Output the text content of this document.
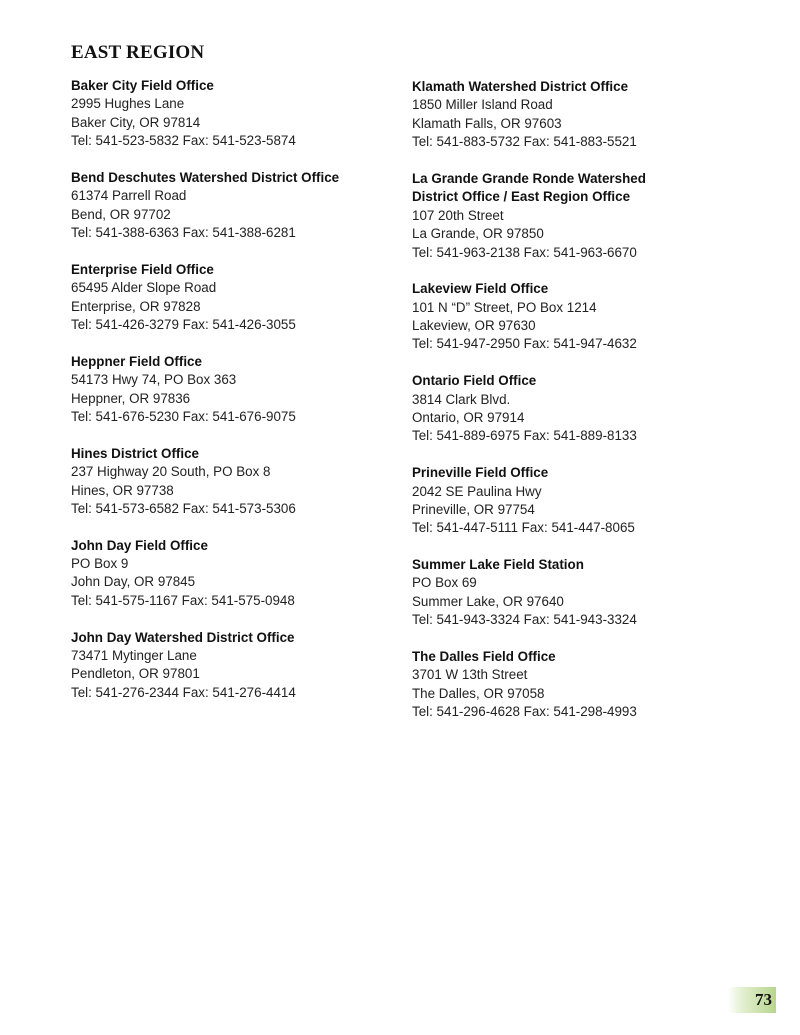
EAST REGION
Baker City Field Office
2995 Hughes Lane
Baker City, OR 97814
Tel: 541-523-5832 Fax: 541-523-5874
Bend Deschutes Watershed District Office
61374 Parrell Road
Bend, OR 97702
Tel: 541-388-6363 Fax: 541-388-6281
Enterprise Field Office
65495 Alder Slope Road
Enterprise, OR 97828
Tel: 541-426-3279 Fax: 541-426-3055
Heppner Field Office
54173 Hwy 74, PO Box 363
Heppner, OR 97836
Tel: 541-676-5230 Fax: 541-676-9075
Hines District Office
237 Highway 20 South, PO Box 8
Hines, OR 97738
Tel: 541-573-6582 Fax: 541-573-5306
John Day Field Office
PO Box 9
John Day, OR 97845
Tel: 541-575-1167 Fax: 541-575-0948
John Day Watershed District Office
73471 Mytinger Lane
Pendleton, OR 97801
Tel: 541-276-2344 Fax: 541-276-4414
Klamath Watershed District Office
1850 Miller Island Road
Klamath Falls, OR 97603
Tel: 541-883-5732 Fax: 541-883-5521
La Grande Grande Ronde Watershed
District Office / East Region Office
107 20th Street
La Grande, OR 97850
Tel: 541-963-2138 Fax: 541-963-6670
Lakeview Field Office
101 N “D” Street, PO Box 1214
Lakeview, OR 97630
Tel: 541-947-2950 Fax: 541-947-4632
Ontario Field Office
3814 Clark Blvd.
Ontario, OR 97914
Tel: 541-889-6975 Fax: 541-889-8133
Prineville Field Office
2042 SE Paulina Hwy
Prineville, OR 97754
Tel: 541-447-5111 Fax: 541-447-8065
Summer Lake Field Station
PO Box 69
Summer Lake, OR 97640
Tel: 541-943-3324 Fax: 541-943-3324
The Dalles Field Office
3701 W 13th Street
The Dalles, OR 97058
Tel: 541-296-4628 Fax: 541-298-4993
73
